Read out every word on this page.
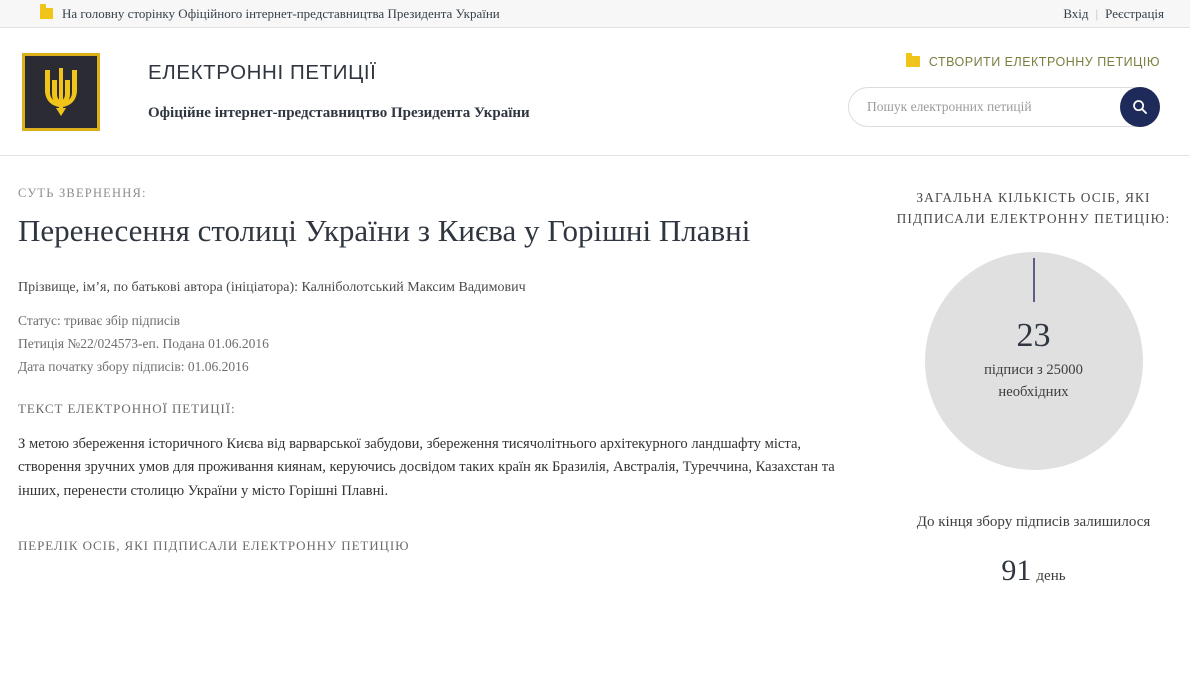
На головну сторінку Офіційного інтернет-представництва Президента України	Вхід | Реєстрація
ЕЛЕКТРОННІ ПЕТИЦІЇ
Офіційне інтернет-представництво Президента України
СТВОРИТИ ЕЛЕКТРОННУ ПЕТИЦІЮ
Пошук електронних петицій
СУТЬ ЗВЕРНЕННЯ:
Перенесення столиці України з Києва у Горішні Плавні
Прізвище, ім’я, по батькові автора (ініціатора): Калніболотський Максим Вадимович
Статус: триває збір підписів
Петиція №22/024573-еп. Подана 01.06.2016
Дата початку збору підписів: 01.06.2016
ТЕКСТ ЕЛЕКТРОННОЇ ПЕТИЦІЇ:

З метою збереження історичного Києва від варварської забудови, збереження тисячолітнього архітекурного ландшафту міста, створення зручних умов для проживання киянам, керуючись досвідом таких країн як Бразилія, Австралія, Туреччина, Казахстан та інших, перенести столицю України у місто Горішні Плавні.

ПЕРЕЛІК ОСІБ, ЯКІ ПІДПИСАЛИ ЕЛЕКТРОННУ ПЕТИЦІЮ
ЗАГАЛЬНА КІЛЬКІСТЬ ОСІБ, ЯКІ ПІДПИСАЛИ ЕЛЕКТРОННУ ПЕТИЦІЮ:
23
підписи з 25000
необхідних
До кінця збору підписів залишилося
91 день
